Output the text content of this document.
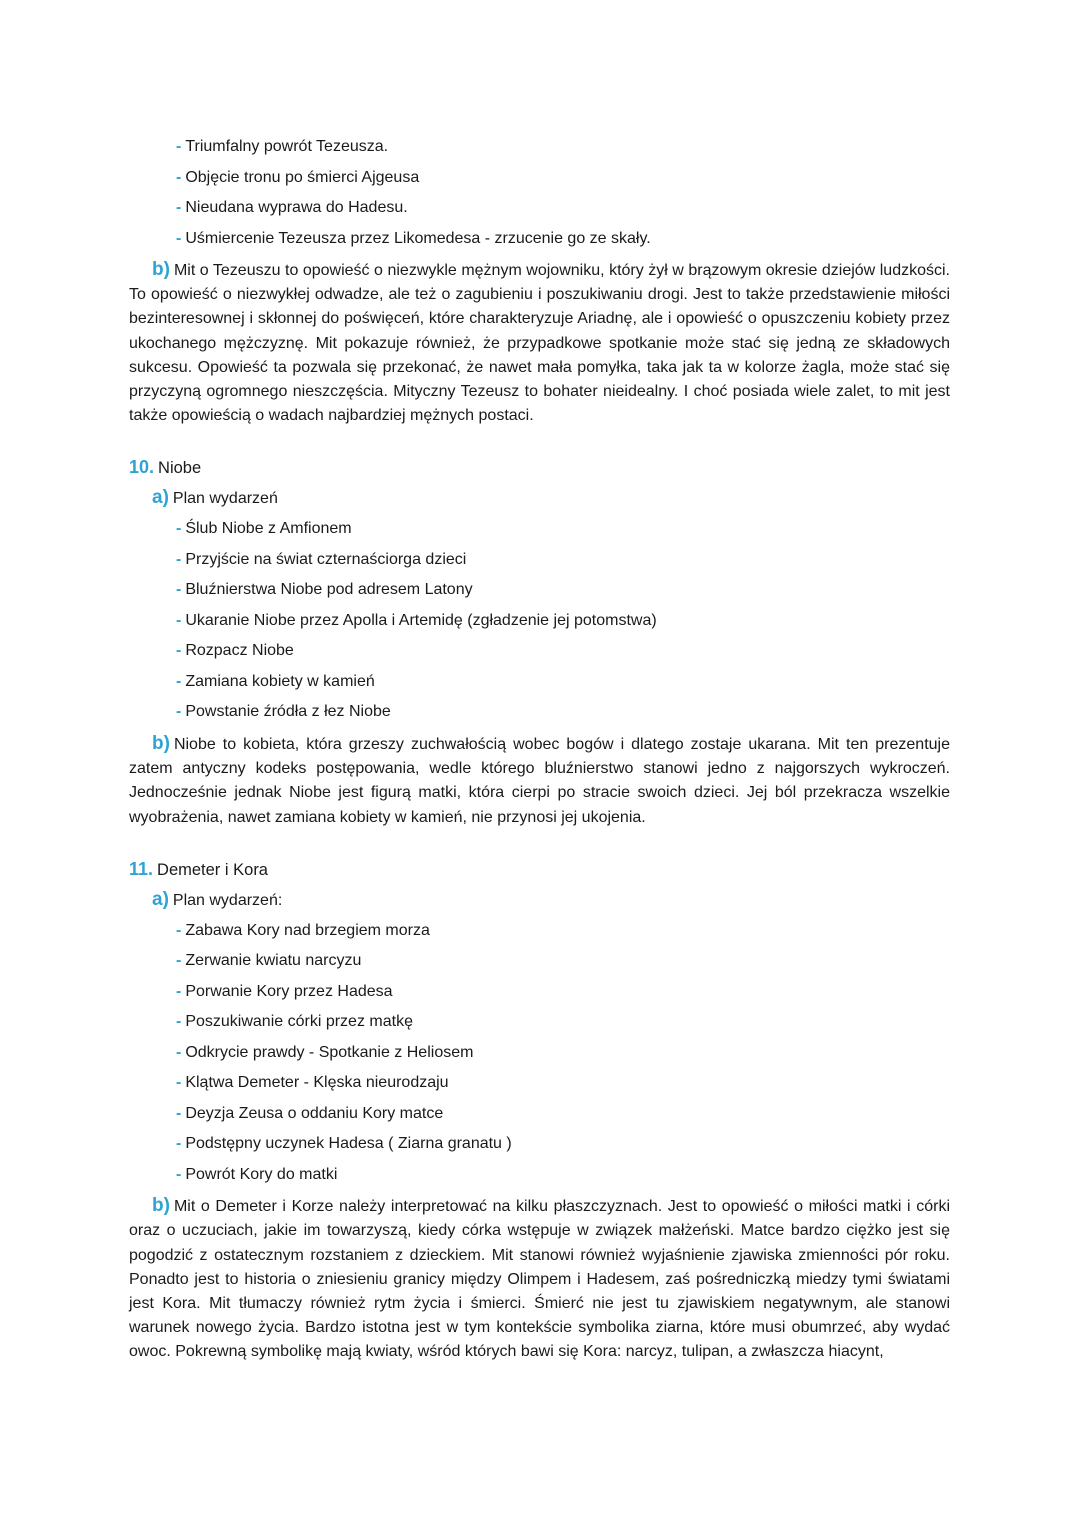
- Triumfalny powrót Tezeusza.
- Objęcie tronu po śmierci Ajgeusa
- Nieudana wyprawa do Hadesu.
- Uśmiercenie Tezeusza przez Likomedesa - zrzucenie go ze skały.

b) Mit o Tezeuszu to opowieść o niezwykle mężnym wojowniku, który żył w brązowym okresie dziejów ludzkości. To opowieść o niezwykłej odwadze, ale też o zagubieniu i poszukiwaniu drogi. Jest to także przedstawienie miłości bezinteresownej i skłonnej do poświęceń, które charakteryzuje Ariadnę, ale i opowieść o opuszczeniu kobiety przez ukochanego mężczyznę. Mit pokazuje również, że przypadkowe spotkanie może stać się jedną ze składowych sukcesu. Opowieść ta pozwala się przekonać, że nawet mała pomyłka, taka jak ta w kolorze żagla, może stać się przyczyną ogromnego nieszczęścia. Mityczny Tezeusz to bohater nieidealny. I choć posiada wiele zalet, to mit jest także opowieścią o wadach najbardziej mężnych postaci.

10. Niobe
a) Plan wydarzeń
- Ślub Niobe z Amfionem
- Przyjście na świat czternaściorga dzieci
- Bluźnierstwa Niobe pod adresem Latony
- Ukaranie Niobe przez Apolla i Artemidę (zgładzenie jej potomstwa)
- Rozpacz Niobe
- Zamiana kobiety w kamień
- Powstanie źródła z łez Niobe

b) Niobe to kobieta, która grzeszy zuchwałością wobec bogów i dlatego zostaje ukarana. Mit ten prezentuje zatem antyczny kodeks postępowania, wedle którego bluźnierstwo stanowi jedno z najgorszych wykroczeń. Jednocześnie jednak Niobe jest figurą matki, która cierpi po stracie swoich dzieci. Jej ból przekracza wszelkie wyobrażenia, nawet zamiana kobiety w kamień, nie przynosi jej ukojenia.

11. Demeter i Kora
a) Plan wydarzeń:
- Zabawa Kory nad brzegiem morza
- Zerwanie kwiatu narcyzu
- Porwanie Kory przez Hadesa
- Poszukiwanie córki przez matkę
- Odkrycie prawdy - Spotkanie z Heliosem
- Klątwa Demeter - Klęska nieurodzaju
- Deyzja Zeusa o oddaniu Kory matce
- Podstępny uczynek Hadesa ( Ziarna granatu )
- Powrót Kory do matki

b) Mit o Demeter i Korze należy interpretować na kilku płaszczyznach. Jest to opowieść o miłości matki i córki oraz o uczuciach, jakie im towarzyszą, kiedy córka wstępuje w związek małżeński. Matce bardzo ciężko jest się pogodzić z ostatecznym rozstaniem z dzieckiem. Mit stanowi również wyjaśnienie zjawiska zmienności pór roku. Ponadto jest to historia o zniesieniu granicy między Olimpem i Hadesem, zaś pośredniczką miedzy tymi światami jest Kora. Mit tłumaczy również rytm życia i śmierci. Śmierć nie jest tu zjawiskiem negatywnym, ale stanowi warunek nowego życia. Bardzo istotna jest w tym kontekście symbolika ziarna, które musi obumrzeć, aby wydać owoc. Pokrewną symbolikę mają kwiaty, wśród których bawi się Kora: narcyz, tulipan, a zwłaszcza hiacynt,
